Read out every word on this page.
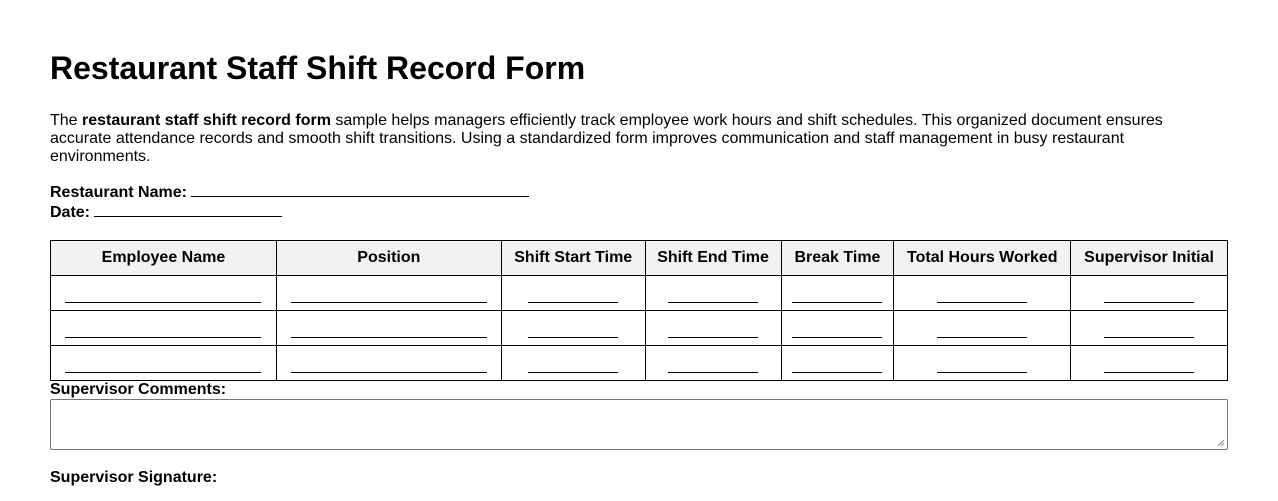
Restaurant Staff Shift Record Form

The restaurant staff shift record form sample helps managers efficiently track employee work hours and shift schedules. This organized document ensures accurate attendance records and smooth shift transitions. Using a standardized form improves communication and staff management in busy restaurant environments.

Restaurant Name:
Date:
Employee Name	Position	Shift Start Time	Shift End Time	Break Time	Total Hours Worked	Supervisor Initial

Supervisor Comments:
Supervisor Signature:
